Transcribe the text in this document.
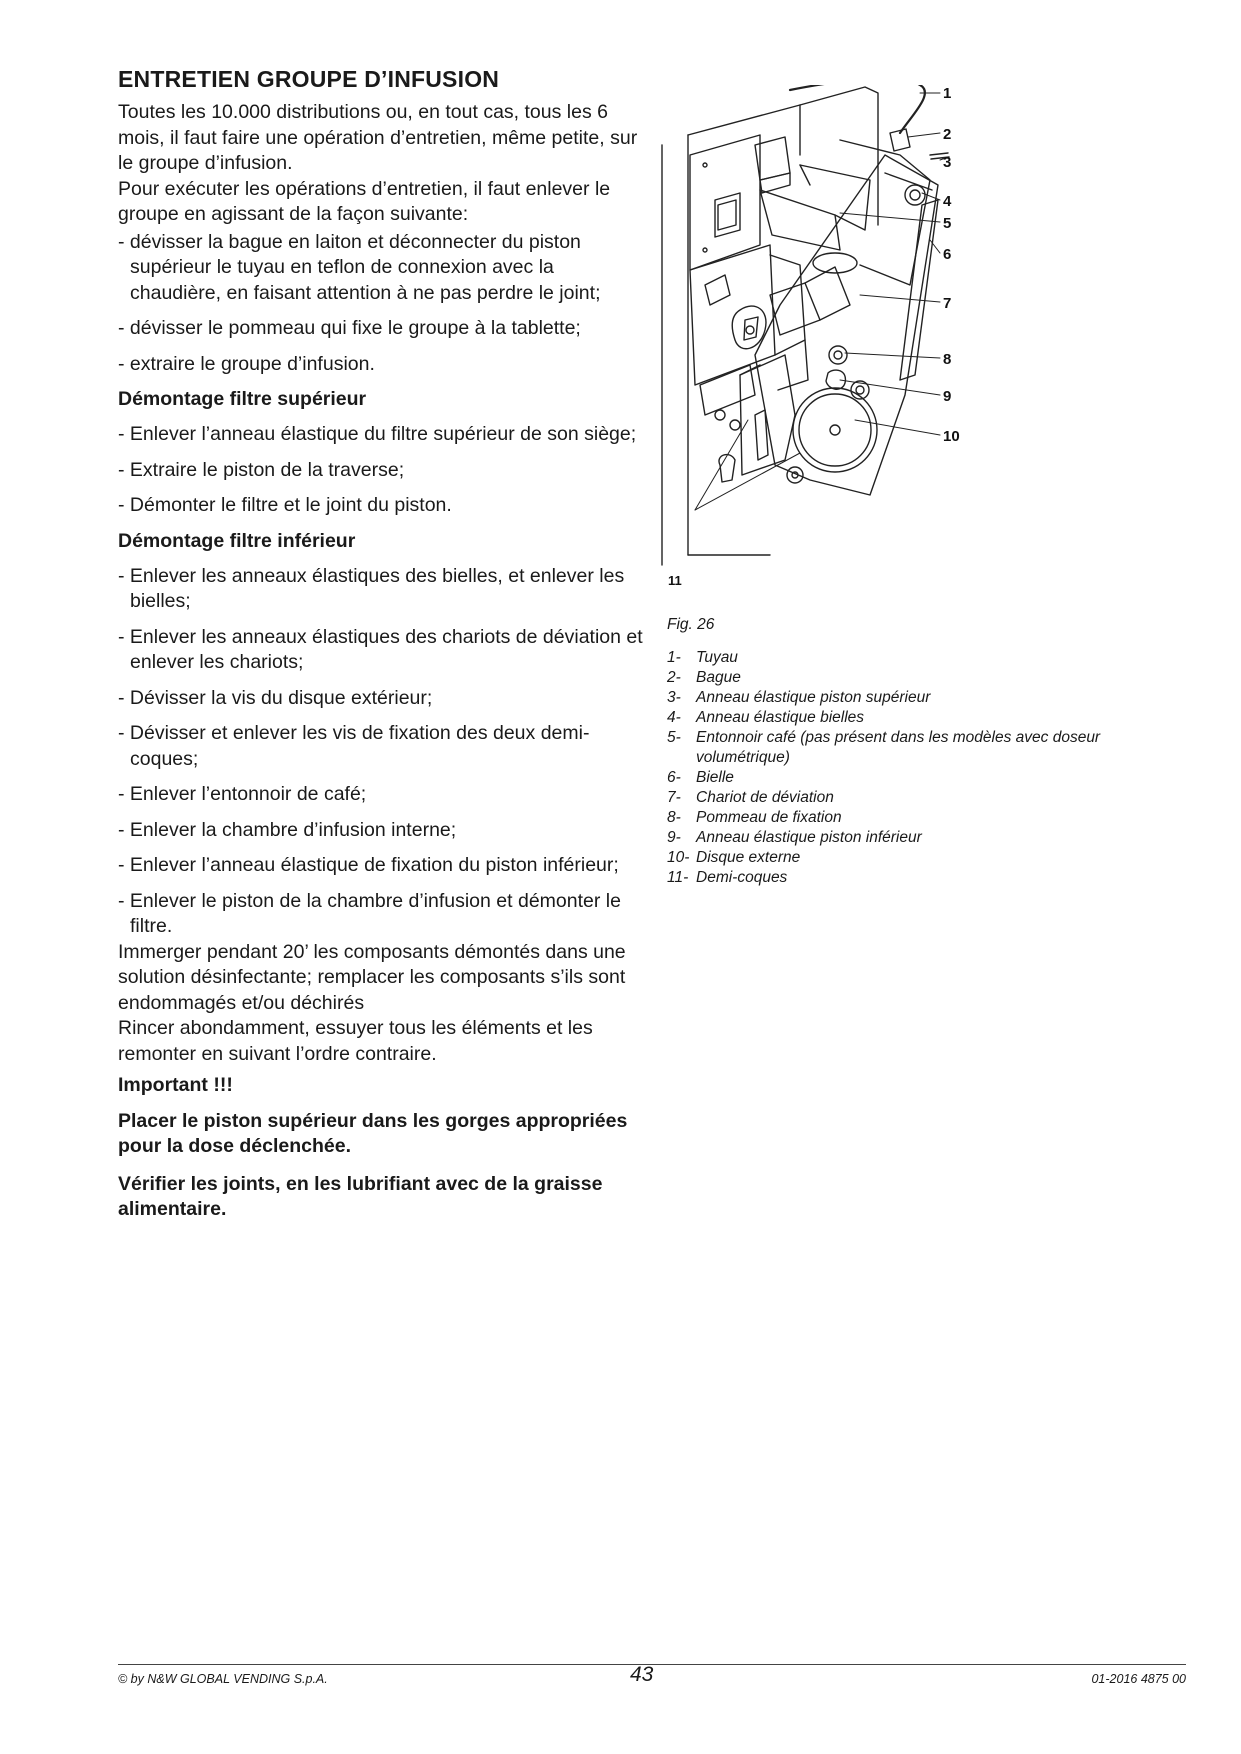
ENTRETIEN GROUPE D’INFUSION

Toutes les 10.000 distributions ou, en tout cas, tous les 6 mois, il faut faire une opération d’entretien, même petite, sur le groupe d’infusion.

Pour exécuter les opérations d’entretien, il faut enlever le groupe en agissant de la façon suivante:

- dévisser la bague en laiton et déconnecter du piston supérieur le tuyau en teflon de connexion avec la chaudière, en faisant attention à ne pas perdre le joint;

- dévisser le pommeau qui fixe le groupe à la tablette;

- extraire le groupe d’infusion.

Démontage filtre supérieur

- Enlever l’anneau élastique du filtre supérieur de son siège;

- Extraire le piston de la traverse;

- Démonter le filtre et le joint du piston.

Démontage filtre inférieur

- Enlever les anneaux élastiques des bielles, et enlever les bielles;

- Enlever les anneaux élastiques des chariots de déviation et enlever les chariots;

- Dévisser la vis du disque extérieur;

- Dévisser et enlever les vis de fixation des deux demi-coques;

- Enlever l’entonnoir de café;

- Enlever la chambre d’infusion interne;

- Enlever l’anneau élastique de fixation du piston inférieur;

- Enlever le piston de la chambre d’infusion et démonter le filtre.

Immerger pendant 20’ les composants démontés dans une solution désinfectante; remplacer les composants s’ils sont endommagés et/ou déchirés

Rincer abondamment, essuyer tous les éléments et les remonter en suivant l’ordre contraire.

Important !!!

Placer le piston supérieur dans les gorges appropriées pour la dose déclenchée.

Vérifier les joints, en les lubrifiant avec de la graisse alimentaire.

1
2
3
4
5
6
7
8
9
10
11
Fig. 26
1- Tuyau
2- Bague
3- Anneau élastique piston supérieur
4- Anneau élastique bielles
5- Entonnoir café (pas présent dans les modèles avec doseur volumétrique)
6- Bielle
7- Chariot de déviation
8- Pommeau de fixation
9- Anneau élastique piston inférieur
10- Disque externe
11- Demi-coques
© by N&W GLOBAL VENDING S.p.A.	43	01-2016 4875 00
